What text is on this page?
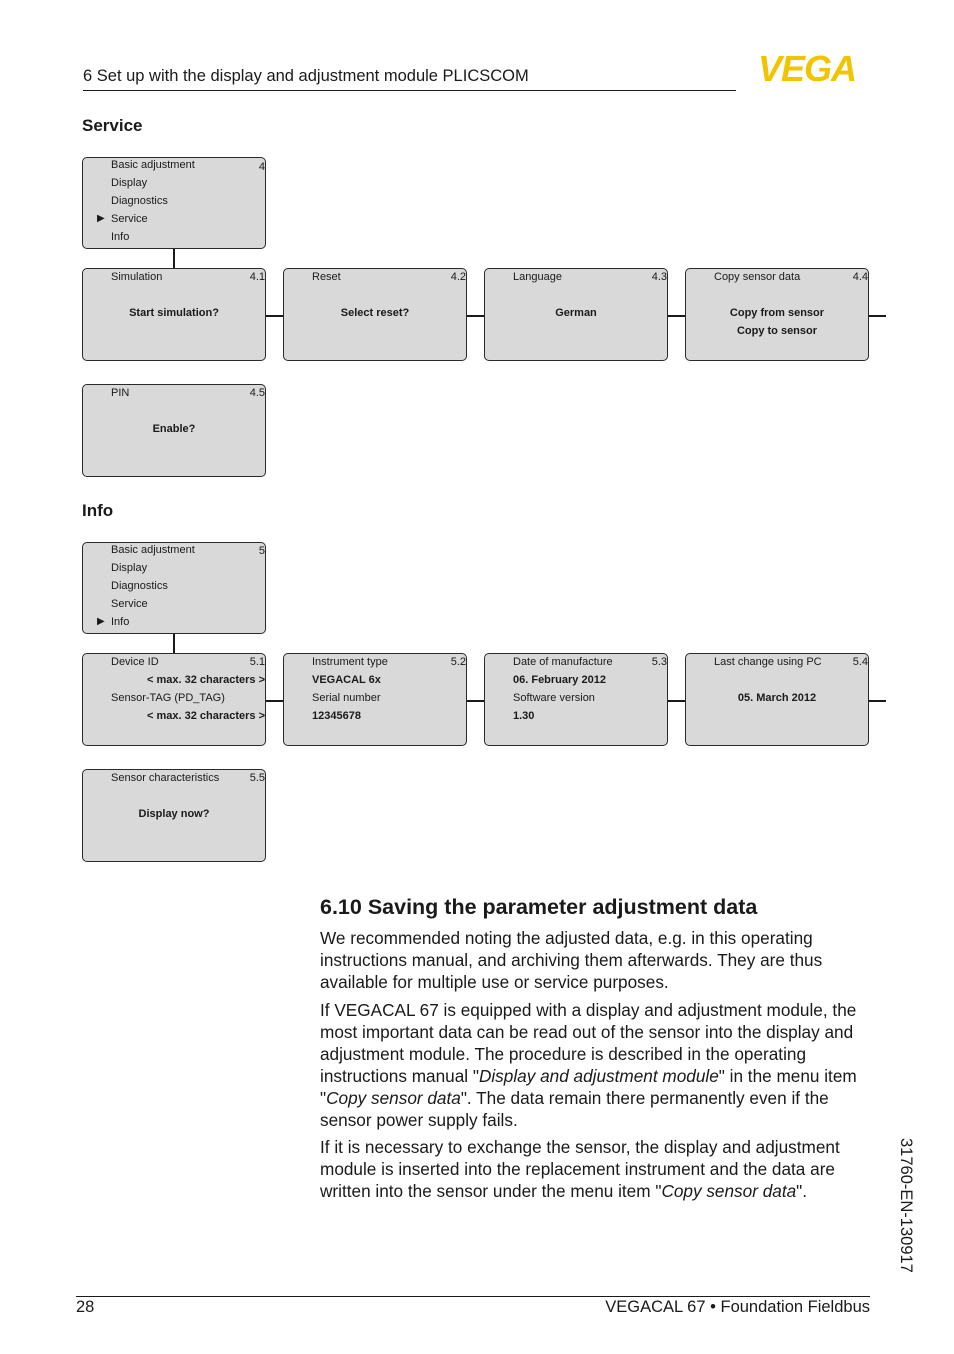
6 Set up with the display and adjustment module PLICSCOM	VEGA
Service
4
Basic adjustment
Display
Diagnostics
▶ Service
Info
Simulation	4.1
Start simulation?
Reset	4.2
Select reset?
Language	4.3
German
Copy sensor data	4.4
Copy from sensor
Copy to sensor
PIN	4.5
Enable?
Info
5
Basic adjustment
Display
Diagnostics
Service
▶ Info
Device ID	5.1
< max. 32 characters >
Sensor-TAG (PD_TAG)
< max. 32 characters >
Instrument type	5.2
VEGACAL 6x
Serial number
12345678
Date of manufacture	5.3
06. February 2012
Software version
1.30
Last change using PC	5.4
05. March 2012
Sensor characteristics	5.5
Display now?
6.10 Saving the parameter adjustment data
We recommended noting the adjusted data, e.g. in this operating instructions manual, and archiving them afterwards. They are thus available for multiple use or service purposes.
If VEGACAL 67 is equipped with a display and adjustment module, the most important data can be read out of the sensor into the display and adjustment module. The procedure is described in the operating instructions manual "Display and adjustment module" in the menu item "Copy sensor data". The data remain there permanently even if the sensor power supply fails.
If it is necessary to exchange the sensor, the display and adjustment module is inserted into the replacement instrument and the data are written into the sensor under the menu item "Copy sensor data".	31760-EN-130917
28	VEGACAL 67 • Foundation Fieldbus
